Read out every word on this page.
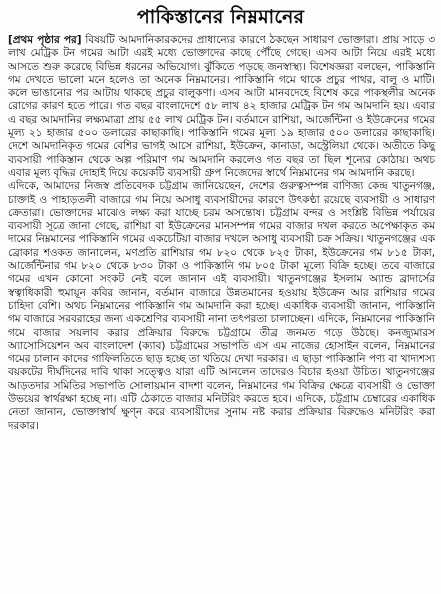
পাকিস্তানের নিম্নমানের

[প্রথম পৃষ্ঠার পর] বিষয়টি আমদানিকারকদের প্রাধান্যের কারণে ঠকছেন সাধারণ ভোক্তারা। প্রায় সাড়ে ৩ লাখ মেট্রিক টন গমের আটা এরই মধ্যে ভোক্তাদের কাছে পৌঁছে গেছে। এসব আটা নিয়ে এরই মধ্যে আসতে শুরু করেছে বিভিন্ন ধরনের অভিযোগ। ঝুঁকিতে পড়ছে জনস্বাস্থ্য। বিশেষজ্ঞরা বলছেন, পাকিস্তানি গম দেখতে ভালো মনে হলেও তা অনেক নিম্নমানের। পাকিস্তানি গমে থাকে প্রচুর পাথর, বালু ও মাটি। কলে ভাঙানোর পর আটায় থাকছে প্রচুর বালুকণা। এসব আটা মানবদেহে বিশেষ করে পাকস্থলীর অনেক রোগের কারণ হতে পারে। গত বছর বাংলাদেশে ৫৮ লাখ ৪২ হাজার মেট্রিক টন গম আমদানি হয়। এবার এ বছর আমদানির লক্ষ্যমাত্রা প্রায় ৫৫ লাখ মেট্রিক টন। বর্তমানে রাশিয়া, আর্জেন্টিনা ও ইউক্রেনের গমের মূল্য ২১ হাজার ৫০০ ডলারের কাছাকাছি। পাকিস্তানি গমের মূল্য ১৯ হাজার ৫০০ ডলারের কাছাকাছি। দেশে আমদানিকৃত গমের বেশির ভাগই আসে রাশিয়া, ইউক্রেন, কানাডা, অস্ট্রেলিয়া থেকে। অতীতে কিছু ব্যবসায়ী পাকিস্তান থেকে অল্প পরিমাণ গম আমদানি করলেও গত বছর তা ছিল শূন্যের কোঠায়। অথচ এবার মূল্য বৃদ্ধির দোহাই দিয়ে কয়েকটি ব্যবসায়ী গ্রুপ নিজেদের স্বার্থে নিম্নমানের গম আমদানি করছে।

এদিকে, আমাদের নিজস্ব প্রতিবেদক চট্টগ্রাম জানিয়েছেন, দেশের গুরুত্বসম্পন্ন বাণিজ্য কেন্দ্র খাতুনগঞ্জ, চাক্তাই ও পাহাড়তলী বাজারে গম নিয়ে অসাধু ব্যবসায়ীদের কারণে উৎকণ্ঠা রয়েছে ব্যবসায়ী ও সাধারণ ক্রেতারা। ভোক্তাদের মাঝেও লক্ষ্য করা যাচ্ছে চরম অসন্তোষ। চট্টগ্রাম বন্দর ও সংশ্লিষ্ট বিভিন্ন পর্যায়ের ব্যবসায়ী সূত্রে জানা গেছে, রাশিয়া বা ইউক্রেনের মানসম্পন্ন গমের বাজার দখল করতে অপেক্ষাকৃত কম দামের নিম্নমানের পাকিস্তানি গমের একচেটিয়া বাজার দখলে অসাধু ব্যবসায়ী চক্র সক্রিয়। খাতুনগঞ্জের এক ব্রোকার শওকত জানালেন, মণপ্রতি রাশিয়ার গম ৮২০ থেকে ৮২৫ টাকা, ইউক্রেনের গম ৮১৫ টাকা, আর্জেন্টিনার গম ৮২০ থেকে ৮৩০ টাকা ও পাকিস্তানি গম ৮০৫ টাকা মূল্যে বিক্রি হচ্ছে। তবে বাজারে গমের এখন কোনো সংকট নেই বলে জানান এই ব্যবসায়ী। খাতুনগঞ্জের ইসলাম অ্যান্ড ব্রাদার্সের স্বত্বাধিকারী হুমায়ূন কবির জানান, বর্তমান বাজারে উন্নতমানের হওয়ায় ইউক্রেন আর রাশিয়ার গমের চাহিদা বেশি। অথচ নিম্নমানের পাকিস্তানি গম আমদানি করা হচ্ছে। একাধিক ব্যবসায়ী জানান, পাকিস্তানি গম বাজারে সরবরাহের জন্য একশ্রেণির ব্যবসায়ী নানা তৎপরতা চালাচ্ছেন। এদিকে, নিম্নমানের পাকিস্তানি গমে বাজার সয়লাব করার প্রক্রিয়ার বিরুদ্ধে চট্টগ্রামে তীব্র জনমত গড়ে উঠছে। কনজ্যুমারস অ্যাসোসিয়েশন অব বাংলাদেশ (ক্যাব) চট্টগ্রামের সভাপতি এস এম নাজের হোসাইন বলেন, নিম্নমানের গমের চালান কাদের গাফিলতিতে ছাড় হচ্ছে তা খতিয়ে দেখা দরকার। এ ছাড়া পাকিস্তানি পণ্য বা খাদ্যশস্য বয়কটের দীর্ঘদিনের দাবি থাকা সত্ত্বেও যারা এটি আনলেন তাদেরও বিচার হওয়া উচিত। খাতুনগঞ্জের আড়তদার সমিতির সভাপতি সোলায়মান বাদশা বলেন, নিম্নমানের গম বিক্রির ক্ষেত্রে ব্যবসায়ী ও ভোক্তা উভয়ের স্বার্থরক্ষা হচ্ছে না। এটি ঠেকাতে বাজার মনিটরিং করতে হবে। এদিকে, চট্টগ্রাম চেম্বারের একাধিক নেতা জানান, ভোক্তাস্বার্থ ক্ষুণ্ন করে ব্যবসায়ীদের সুনাম নষ্ট করার প্রক্রিয়ার বিরুদ্ধেও মনিটরিং করা দরকার।
